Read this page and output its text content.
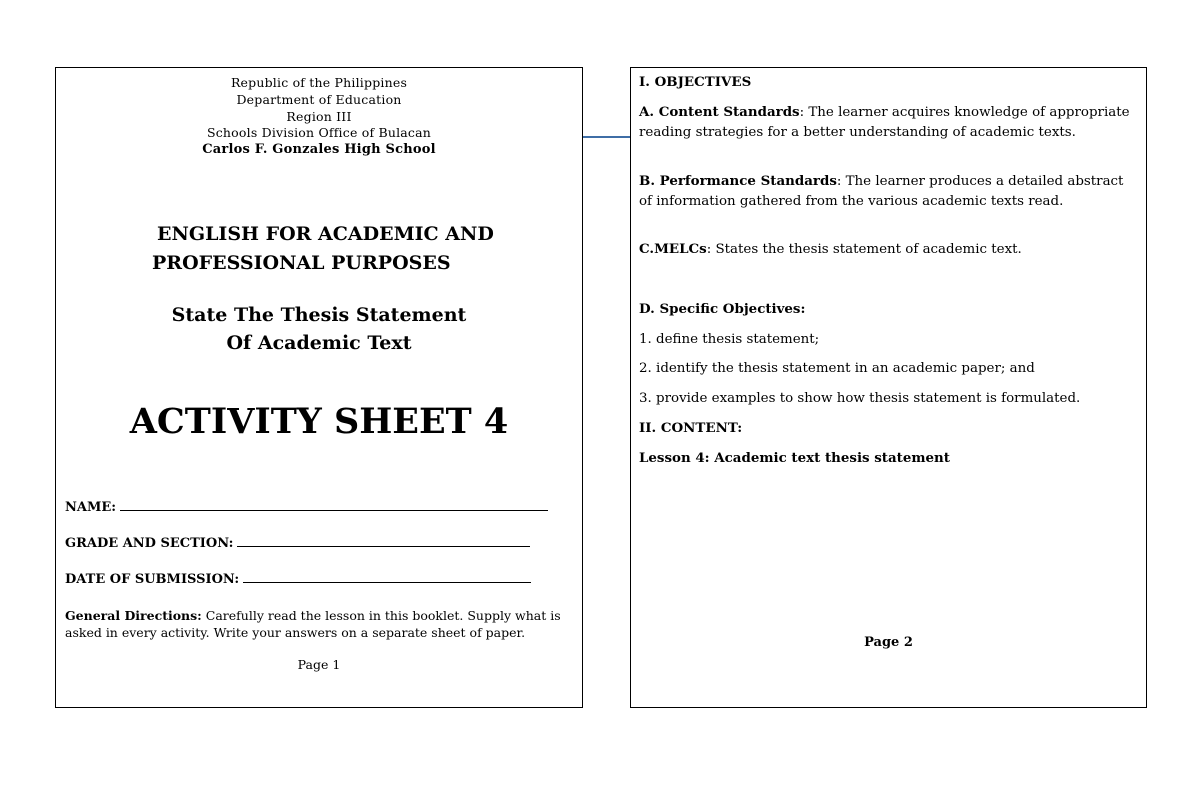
Republic of the Philippines
Department of Education
Region III
Schools Division Office of Bulacan
Carlos F. Gonzales High School
ENGLISH FOR ACADEMIC AND
PROFESSIONAL PURPOSES
State The Thesis Statement
Of Academic Text
ACTIVITY SHEET 4
NAME:
GRADE AND SECTION:
DATE OF SUBMISSION:
General Directions: Carefully read the lesson in this booklet. Supply what is asked in every activity. Write your answers on a separate sheet of paper.
Page 1
I. OBJECTIVES
A. Content Standards: The learner acquires knowledge of appropriate reading strategies for a better understanding of academic texts.
B. Performance Standards: The learner produces a detailed abstract of information gathered from the various academic texts read.
C.MELCs: States the thesis statement of academic text.
D. Specific Objectives:
1. define thesis statement;
2. identify the thesis statement in an academic paper; and
3. provide examples to show how thesis statement is formulated.
II. CONTENT:
Lesson 4: Academic text thesis statement
Page 2
